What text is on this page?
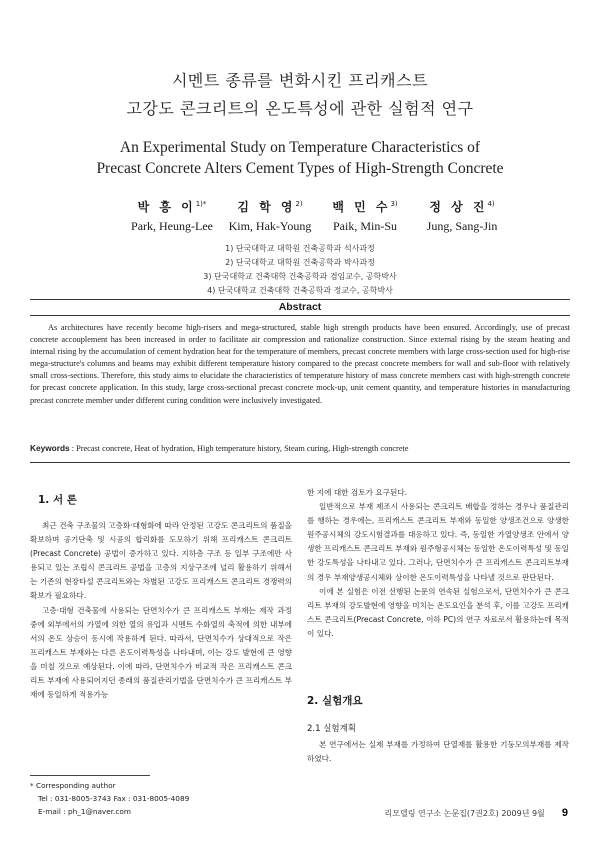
시멘트 종류를 변화시킨 프리캐스트
고강도 콘크리트의 온도특성에 관한 실험적 연구
An Experimental Study on Temperature Characteristics of
Precast Concrete Alters Cement Types of High-Strength Concrete
박 흥 이$^{1)*}$
Park, Heung-Lee
김 학 영$^{2)}$
Kim, Hak-Young
백 민 수$^{3)}$
Paik, Min-Su
정 상 진$^{4)}$
Jung, Sang-Jin
1) 단국대학교 대학원 건축공학과 석사과정
2) 단국대학교 대학원 건축공학과 박사과정
3) 단국대학교 건축대학 건축공학과 겸임교수, 공학박사
4) 단국대학교 건축대학 건축공학과 정교수, 공학박사
Abstract
As architectures have recently become high-risers and mega-structured, stable high strength products have been ensured. Accordingly, use of precast concrete accouplement has been increased in order to facilitate air compression and rationalize construction. Since external rising by the steam heating and internal rising by the accumulation of cement hydration heat for the temperature of members, precast concrete members with large cross-section used for high-rise mega-structure's columns and beams may exhibit different temperature history compared to the precast concrete members for wall and sub-floor with relatively small cross-sections. Therefore, this study aims to elucidate the characteristics of temperature history of mass concrete members cast with high-strength concrete for precast concrete application. In this study, large cross-sectional precast concrete mock-up, unit cement quantity, and temperature histories in manufacturing precast concrete member under different curing condition were inclusively investigated.
Keywords : Precast concrete, Heat of hydration, High temperature history, Steam curing, High-strength concrete
1. 서 론

최근 건축 구조물의 고층화·대형화에 따라 안정된 고강도 콘크리트의 품질을 확보하며 공기단축 및 시공의 합리화를 도모하기 위해 프리캐스트 콘크리트 (Precast Concrete) 공법이 증가하고 있다. 지하층 구조 등 일부 구조에만 사용되고 있는 조립식 콘크리트 공법을 고층의 지상구조에 널리 활용하기 위해서는 기존의 현장타설 콘크리트와는 차별된 고강도 프리캐스트 콘크리트 경쟁력의 확보가 필요하다.

고층·대형 건축물에 사용되는 단면치수가 큰 프리캐스트 부재는 제작 과정 중에 외부에서의 가열에 의한 열의 유입과 시멘트 수화열의 축적에 의한 내부에서의 온도 상승이 동시에 작용하게 된다. 따라서, 단면치수가 상대적으로 작은 프리캐스트 부재와는 다른 온도이력특성을 나타내며, 이는 강도 발현에 큰 영향을 미칠 것으로 예상된다. 이에 따라, 단면치수가 비교적 작은 프리캐스트 콘크리트 부재에 사용되어지던 종래의 품질관리기법을 단면치수가 큰 프리캐스트 부재에 동일하게 적용가능

* Corresponding author
Tel : 031-8005-3743 Fax : 031-8005-4089
E-mail : ph_1@naver.com

한 지에 대한 검토가 요구된다.

일반적으로 부재 제조시 사용되는 콘크리트 배합을 정하는 경우나 품질관리를 행하는 경우에는, 프리캐스트 콘크리트 부재와 동일한 양생조건으로 양생한 원주공시체의 강도시험결과를 대응하고 있다. 즉, 동일한 가열양생조 안에서 양생한 프리캐스트 콘크리트 부재와 원주형공시체는 동일한 온도이력특성 및 동일한 강도특성을 나타내고 있다. 그러나, 단면치수가 큰 프리캐스트 콘크리트부재의 경우 부재양생공시체와 상이한 온도이력특성을 나타낼 것으로 판단된다.

이에 본 실험은 이전 선행된 논문의 연속된 실험으로서, 단면치수가 큰 콘크리트 부재의 강도발현에 영향을 미치는 온도요인을 분석 후, 이를 고강도 프리캐스트 콘크리트(Precast Concrete, 이하 PC)의 연구 자료로서 활용하는데 목적이 있다.

2. 실험개요
2.1 실험계획

본 연구에서는 실제 부재를 가정하여 단열재를 활용한 기둥모의부재를 제작하였다.

리모델링 연구소 논문집(7권2호) 2009년 9월 9
